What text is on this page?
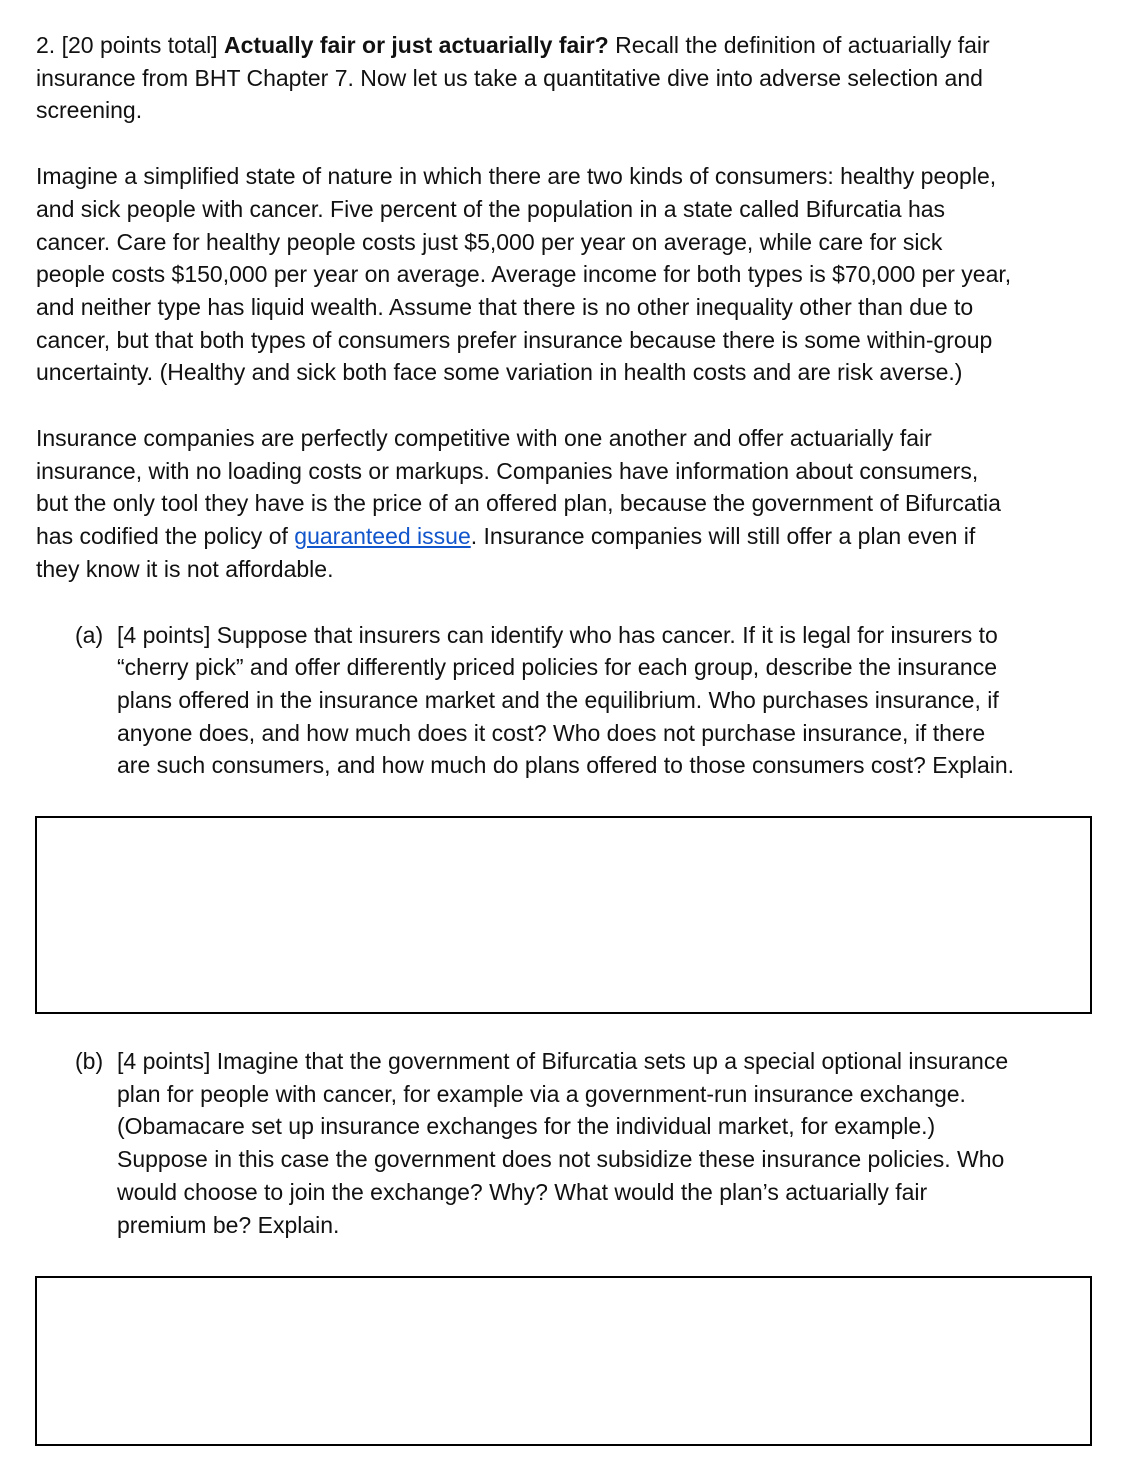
2. [20 points total] Actually fair or just actuarially fair? Recall the definition of actuarially fair
insurance from BHT Chapter 7. Now let us take a quantitative dive into adverse selection and
screening.

Imagine a simplified state of nature in which there are two kinds of consumers: healthy people,
and sick people with cancer. Five percent of the population in a state called Bifurcatia has
cancer. Care for healthy people costs just $5,000 per year on average, while care for sick
people costs $150,000 per year on average. Average income for both types is $70,000 per year,
and neither type has liquid wealth. Assume that there is no other inequality other than due to
cancer, but that both types of consumers prefer insurance because there is some within-group
uncertainty. (Healthy and sick both face some variation in health costs and are risk averse.)

Insurance companies are perfectly competitive with one another and offer actuarially fair
insurance, with no loading costs or markups. Companies have information about consumers,
but the only tool they have is the price of an offered plan, because the government of Bifurcatia
has codified the policy of guaranteed issue. Insurance companies will still offer a plan even if
they know it is not affordable.

(a) [4 points] Suppose that insurers can identify who has cancer. If it is legal for insurers to
“cherry pick” and offer differently priced policies for each group, describe the insurance
plans offered in the insurance market and the equilibrium. Who purchases insurance, if
anyone does, and how much does it cost? Who does not purchase insurance, if there
are such consumers, and how much do plans offered to those consumers cost? Explain.

(b) [4 points] Imagine that the government of Bifurcatia sets up a special optional insurance
plan for people with cancer, for example via a government-run insurance exchange.
(Obamacare set up insurance exchanges for the individual market, for example.)
Suppose in this case the government does not subsidize these insurance policies. Who
would choose to join the exchange? Why? What would the plan’s actuarially fair
premium be? Explain.
